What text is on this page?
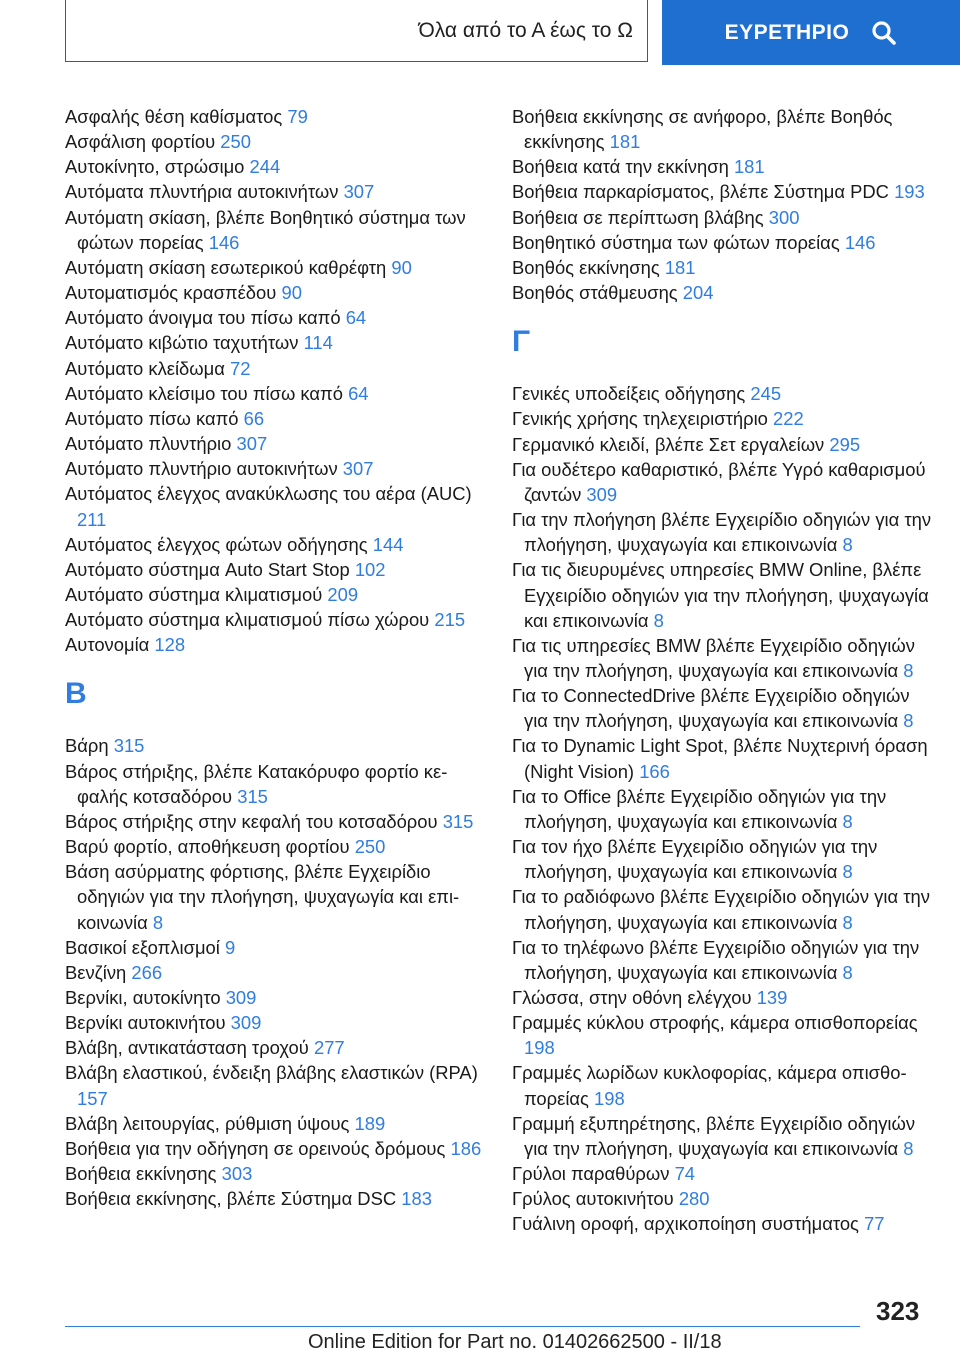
Όλα από το Α έως το Ω	ΕΥΡΕΤΗΡΙΟ

Ασφαλής θέση καθίσματος 79

Ασφάλιση φορτίου 250

Αυτοκίνητο, στρώσιμο 244

Αυτόματα πλυντήρια αυτοκινήτων 307

Αυτόματη σκίαση, βλέπε Βοηθητικό σύστημα των φώτων πορείας 146

Αυτόματη σκίαση εσωτερικού καθρέφτη 90

Αυτοματισμός κρασπέδου 90

Αυτόματο άνοιγμα του πίσω καπό 64

Αυτόματο κιβώτιο ταχυτήτων 114

Αυτόματο κλείδωμα 72

Αυτόματο κλείσιμο του πίσω καπό 64

Αυτόματο πίσω καπό 66

Αυτόματο πλυντήριο 307

Αυτόματο πλυντήριο αυτοκινήτων 307

Αυτόματος έλεγχος ανακύκλωσης του αέρα (AUC) 211

Αυτόματος έλεγχος φώτων οδήγησης 144

Αυτόματο σύστημα Auto Start Stop 102

Αυτόματο σύστημα κλιματισμού 209

Αυτόματο σύστημα κλιματισμού πίσω χώρου 215

Αυτονομία 128

Β

Βάρη 315

Βάρος στήριξης, βλέπε Κατακόρυφο φορτίο κεφαλής κοτσαδόρου 315

Βάρος στήριξης στην κεφαλή του κοτσαδόρου 315

Βαρύ φορτίο, αποθήκευση φορτίου 250

Βάση ασύρματης φόρτισης, βλέπε Εγχειρίδιο οδηγιών για την πλοήγηση, ψυχαγωγία και επικοινωνία 8

Βασικοί εξοπλισμοί 9

Βενζίνη 266

Βερνίκι, αυτοκίνητο 309

Βερνίκι αυτοκινήτου 309

Βλάβη, αντικατάσταση τροχού 277

Βλάβη ελαστικού, ένδειξη βλάβης ελαστικών (RPA) 157

Βλάβη λειτουργίας, ρύθμιση ύψους 189

Βοήθεια για την οδήγηση σε ορεινούς δρόμους 186

Βοήθεια εκκίνησης 303

Βοήθεια εκκίνησης, βλέπε Σύστημα DSC 183

Βοήθεια εκκίνησης σε ανήφορο, βλέπε Βοηθός εκκίνησης 181

Βοήθεια κατά την εκκίνηση 181

Βοήθεια παρκαρίσματος, βλέπε Σύστημα PDC 193

Βοήθεια σε περίπτωση βλάβης 300

Βοηθητικό σύστημα των φώτων πορείας 146

Βοηθός εκκίνησης 181

Βοηθός στάθμευσης 204

Γ

Γενικές υποδείξεις οδήγησης 245

Γενικής χρήσης τηλεχειριστήριο 222

Γερμανικό κλειδί, βλέπε Σετ εργαλείων 295

Για ουδέτερο καθαριστικό, βλέπε Υγρό καθαρισμού ζαντών 309

Για την πλοήγηση βλέπε Εγχειρίδιο οδηγιών για την πλοήγηση, ψυχαγωγία και επικοινωνία 8

Για τις διευρυμένες υπηρεσίες BMW Online, βλέπε Εγχειρίδιο οδηγιών για την πλοήγηση, ψυχαγωγία και επικοινωνία 8

Για τις υπηρεσίες BMW βλέπε Εγχειρίδιο οδηγιών για την πλοήγηση, ψυχαγωγία και επικοινωνία 8

Για το ConnectedDrive βλέπε Εγχειρίδιο οδηγιών για την πλοήγηση, ψυχαγωγία και επικοινωνία 8

Για το Dynamic Light Spot, βλέπε Νυχτερινή όραση (Night Vision) 166

Για το Office βλέπε Εγχειρίδιο οδηγιών για την πλοήγηση, ψυχαγωγία και επικοινωνία 8

Για τον ήχο βλέπε Εγχειρίδιο οδηγιών για την πλοήγηση, ψυχαγωγία και επικοινωνία 8

Για το ραδιόφωνο βλέπε Εγχειρίδιο οδηγιών για την πλοήγηση, ψυχαγωγία και επικοινωνία 8

Για το τηλέφωνο βλέπε Εγχειρίδιο οδηγιών για την πλοήγηση, ψυχαγωγία και επικοινωνία 8

Γλώσσα, στην οθόνη ελέγχου 139

Γραμμές κύκλου στροφής, κάμερα οπισθοπορείας 198

Γραμμές λωρίδων κυκλοφορίας, κάμερα οπισθοπορείας 198

Γραμμή εξυπηρέτησης, βλέπε Εγχειρίδιο οδηγιών για την πλοήγηση, ψυχαγωγία και επικοινωνία 8

Γρύλοι παραθύρων 74

Γρύλος αυτοκινήτου 280

Γυάλινη οροφή, αρχικοποίηση συστήματος 77

323
Online Edition for Part no. 01402662500 - II/18
